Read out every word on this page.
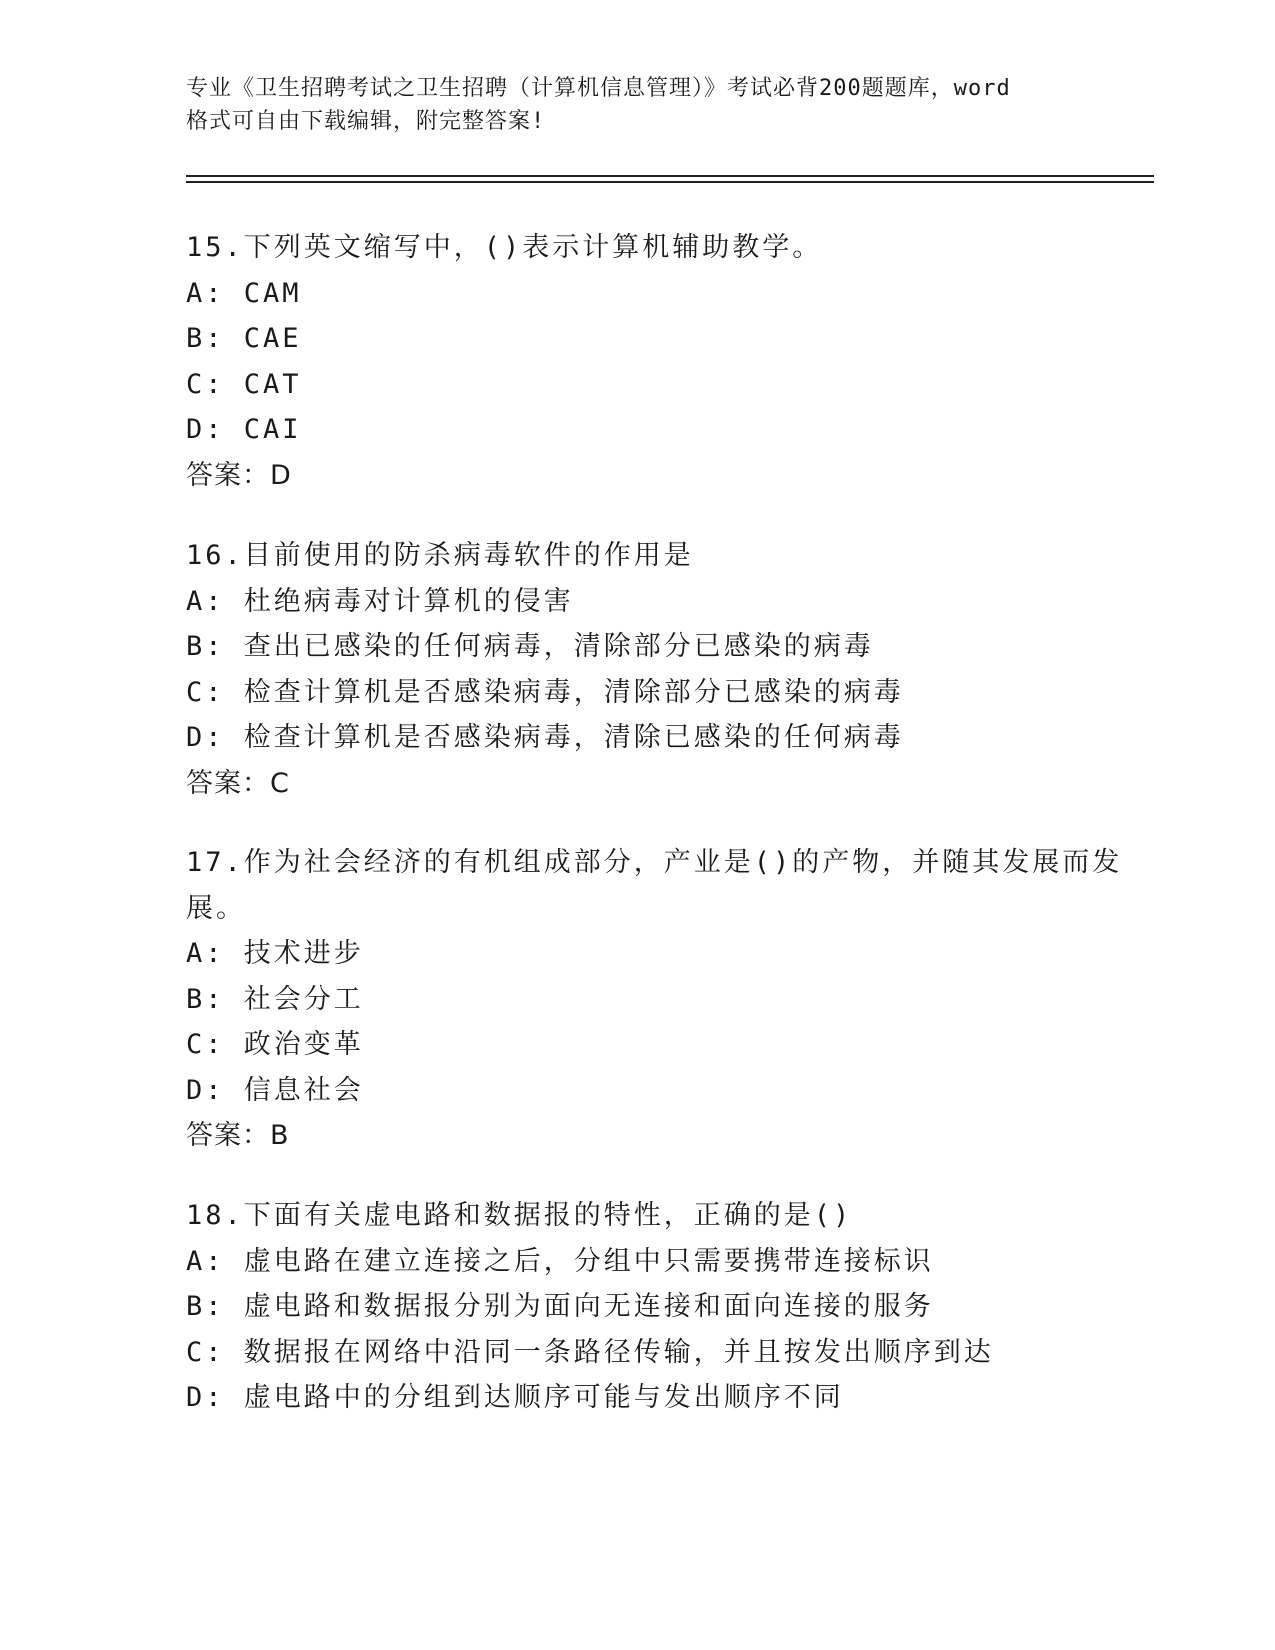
专业《卫生招聘考试之卫生招聘（计算机信息管理）》考试必背200题题库，word
格式可自由下载编辑，附完整答案!
15.下列英文缩写中，()表示计算机辅助教学。
A: CAM
B: CAE
C: CAT
D: CAI
答案：D
16.目前使用的防杀病毒软件的作用是
A: 杜绝病毒对计算机的侵害
B: 查出已感染的任何病毒，清除部分已感染的病毒
C: 检查计算机是否感染病毒，清除部分已感染的病毒
D: 检查计算机是否感染病毒，清除已感染的任何病毒
答案：C
17.作为社会经济的有机组成部分，产业是()的产物，并随其发展而发
展。
A: 技术进步
B: 社会分工
C: 政治变革
D: 信息社会
答案：B
18.下面有关虚电路和数据报的特性，正确的是()
A: 虚电路在建立连接之后，分组中只需要携带连接标识
B: 虚电路和数据报分别为面向无连接和面向连接的服务
C: 数据报在网络中沿同一条路径传输，并且按发出顺序到达
D: 虚电路中的分组到达顺序可能与发出顺序不同
